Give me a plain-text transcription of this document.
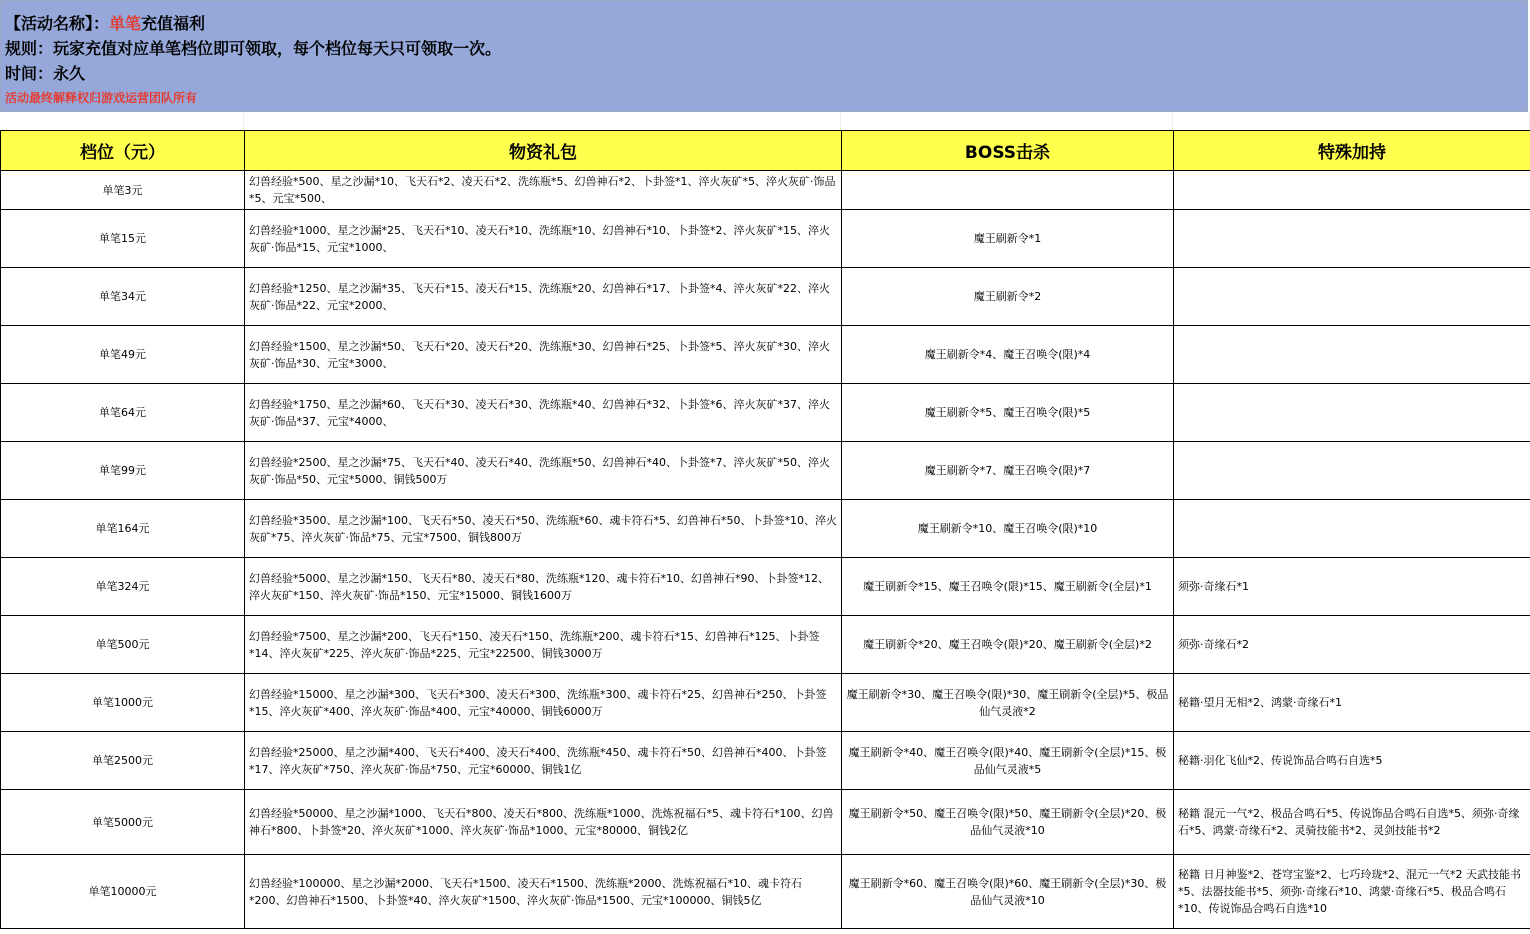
【活动名称】：单笔充值福利
规则：玩家充值对应单笔档位即可领取，每个档位每天只可领取一次。
时间：永久
活动最终解释权归游戏运营团队所有
档位（元）	物资礼包	BOSS击杀	特殊加持
单笔3元	幻兽经验*500、星之沙漏*10、飞天石*2、凌天石*2、洗练瓶*5、幻兽神石*2、卜卦签*1、淬火灰矿*5、淬火灰矿·饰品*5、元宝*500、		
单笔15元	幻兽经验*1000、星之沙漏*25、飞天石*10、凌天石*10、洗练瓶*10、幻兽神石*10、卜卦签*2、淬火灰矿*15、淬火灰矿·饰品*15、元宝*1000、	魔王刷新令*1	
单笔34元	幻兽经验*1250、星之沙漏*35、飞天石*15、凌天石*15、洗练瓶*20、幻兽神石*17、卜卦签*4、淬火灰矿*22、淬火灰矿·饰品*22、元宝*2000、	魔王刷新令*2	
单笔49元	幻兽经验*1500、星之沙漏*50、飞天石*20、凌天石*20、洗练瓶*30、幻兽神石*25、卜卦签*5、淬火灰矿*30、淬火灰矿·饰品*30、元宝*3000、	魔王刷新令*4、魔王召唤令(限)*4	
单笔64元	幻兽经验*1750、星之沙漏*60、飞天石*30、凌天石*30、洗练瓶*40、幻兽神石*32、卜卦签*6、淬火灰矿*37、淬火灰矿·饰品*37、元宝*4000、	魔王刷新令*5、魔王召唤令(限)*5	
单笔99元	幻兽经验*2500、星之沙漏*75、飞天石*40、凌天石*40、洗练瓶*50、幻兽神石*40、卜卦签*7、淬火灰矿*50、淬火灰矿·饰品*50、元宝*5000、铜钱500万	魔王刷新令*7、魔王召唤令(限)*7	
单笔164元	幻兽经验*3500、星之沙漏*100、飞天石*50、凌天石*50、洗练瓶*60、魂卡符石*5、幻兽神石*50、卜卦签*10、淬火灰矿*75、淬火灰矿·饰品*75、元宝*7500、铜钱800万	魔王刷新令*10、魔王召唤令(限)*10	
单笔324元	幻兽经验*5000、星之沙漏*150、飞天石*80、凌天石*80、洗练瓶*120、魂卡符石*10、幻兽神石*90、卜卦签*12、淬火灰矿*150、淬火灰矿·饰品*150、元宝*15000、铜钱1600万	魔王刷新令*15、魔王召唤令(限)*15、魔王刷新令(全层)*1	须弥·奇缘石*1
单笔500元	幻兽经验*7500、星之沙漏*200、飞天石*150、凌天石*150、洗练瓶*200、魂卡符石*15、幻兽神石*125、卜卦签*14、淬火灰矿*225、淬火灰矿·饰品*225、元宝*22500、铜钱3000万	魔王刷新令*20、魔王召唤令(限)*20、魔王刷新令(全层)*2	须弥·奇缘石*2
单笔1000元	幻兽经验*15000、星之沙漏*300、飞天石*300、凌天石*300、洗练瓶*300、魂卡符石*25、幻兽神石*250、卜卦签*15、淬火灰矿*400、淬火灰矿·饰品*400、元宝*40000、铜钱6000万	魔王刷新令*30、魔王召唤令(限)*30、魔王刷新令(全层)*5、极品仙气灵液*2	秘籍·望月无相*2、鸿蒙·奇缘石*1
单笔2500元	幻兽经验*25000、星之沙漏*400、飞天石*400、凌天石*400、洗练瓶*450、魂卡符石*50、幻兽神石*400、卜卦签*17、淬火灰矿*750、淬火灰矿·饰品*750、元宝*60000、铜钱1亿	魔王刷新令*40、魔王召唤令(限)*40、魔王刷新令(全层)*15、极品仙气灵液*5	秘籍·羽化飞仙*2、传说饰品合鸣石自选*5
单笔5000元	幻兽经验*50000、星之沙漏*1000、飞天石*800、凌天石*800、洗练瓶*1000、洗炼祝福石*5、魂卡符石*100、幻兽神石*800、卜卦签*20、淬火灰矿*1000、淬火灰矿·饰品*1000、元宝*80000、铜钱2亿	魔王刷新令*50、魔王召唤令(限)*50、魔王刷新令(全层)*20、极品仙气灵液*10	秘籍 混元一气*2、极品合鸣石*5、传说饰品合鸣石自选*5、须弥·奇缘石*5、鸿蒙·奇缘石*2、灵骑技能书*2、灵剑技能书*2
单笔10000元	幻兽经验*100000、星之沙漏*2000、飞天石*1500、凌天石*1500、洗练瓶*2000、洗炼祝福石*10、魂卡符石*200、幻兽神石*1500、卜卦签*40、淬火灰矿*1500、淬火灰矿·饰品*1500、元宝*100000、铜钱5亿	魔王刷新令*60、魔王召唤令(限)*60、魔王刷新令(全层)*30、极品仙气灵液*10	秘籍 日月神鉴*2、苍穹宝鉴*2、七巧玲珑*2、混元一气*2 天武技能书*5、法器技能书*5、须弥·奇缘石*10、鸿蒙·奇缘石*5、极品合鸣石*10、传说饰品合鸣石自选*10
